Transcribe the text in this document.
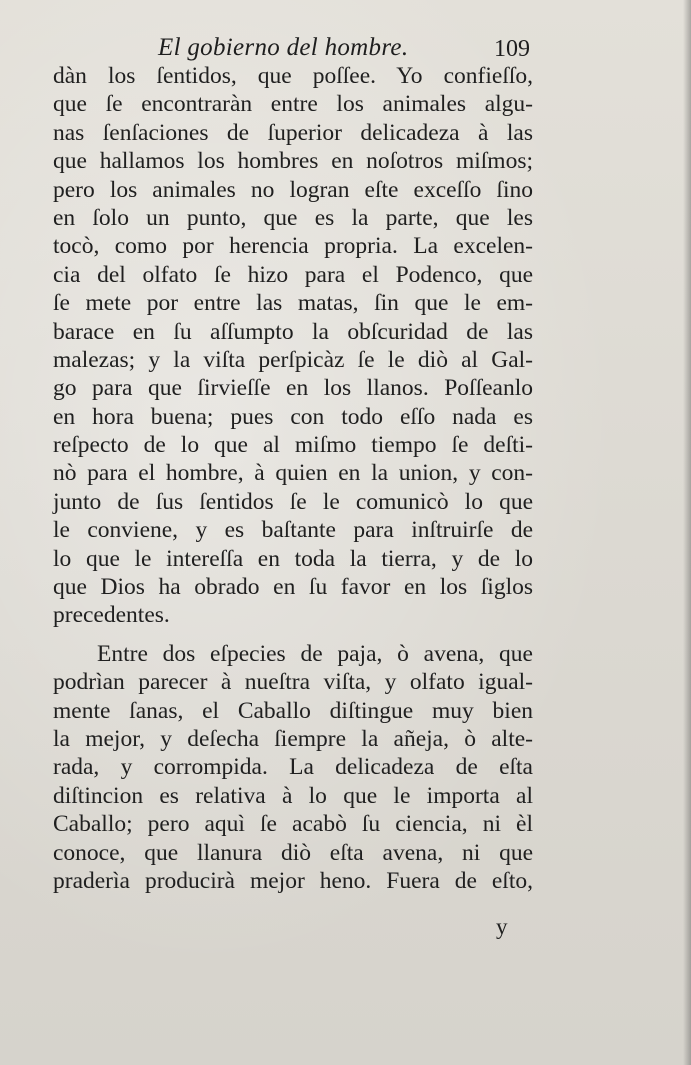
El gobierno del hombre.	109
dàn los ſentidos, que poſſee. Yo confieſſo,
que ſe encontraràn entre los animales algu-
nas ſenſaciones de ſuperior delicadeza à las
que hallamos los hombres en noſotros miſmos;
pero los animales no logran eſte exceſſo ſino
en ſolo un punto, que es la parte, que les
tocò, como por herencia propria. La excelen-
cia del olfato ſe hizo para el Podenco, que
ſe mete por entre las matas, ſin que le em-
barace en ſu aſſumpto la obſcuridad de las
malezas; y la viſta perſpicàz ſe le diò al Gal-
go para que ſirvieſſe en los llanos. Poſſeanlo
en hora buena; pues con todo eſſo nada es
reſpecto de lo que al miſmo tiempo ſe deſti-
nò para el hombre, à quien en la union, y con-
junto de ſus ſentidos ſe le comunicò lo que
le conviene, y es baſtante para inſtruirſe de
lo que le intereſſa en toda la tierra, y de lo
que Dios ha obrado en ſu favor en los ſiglos
precedentes.
Entre dos eſpecies de paja, ò avena, que
podrìan parecer à nueſtra viſta, y olfato igual-
mente ſanas, el Caballo diſtingue muy bien
la mejor, y deſecha ſiempre la añeja, ò alte-
rada, y corrompida. La delicadeza de eſta
diſtincion es relativa à lo que le importa al
Caballo; pero aquì ſe acabò ſu ciencia, ni èl
conoce, que llanura diò eſta avena, ni que
praderìa producirà mejor heno. Fuera de eſto,
y
